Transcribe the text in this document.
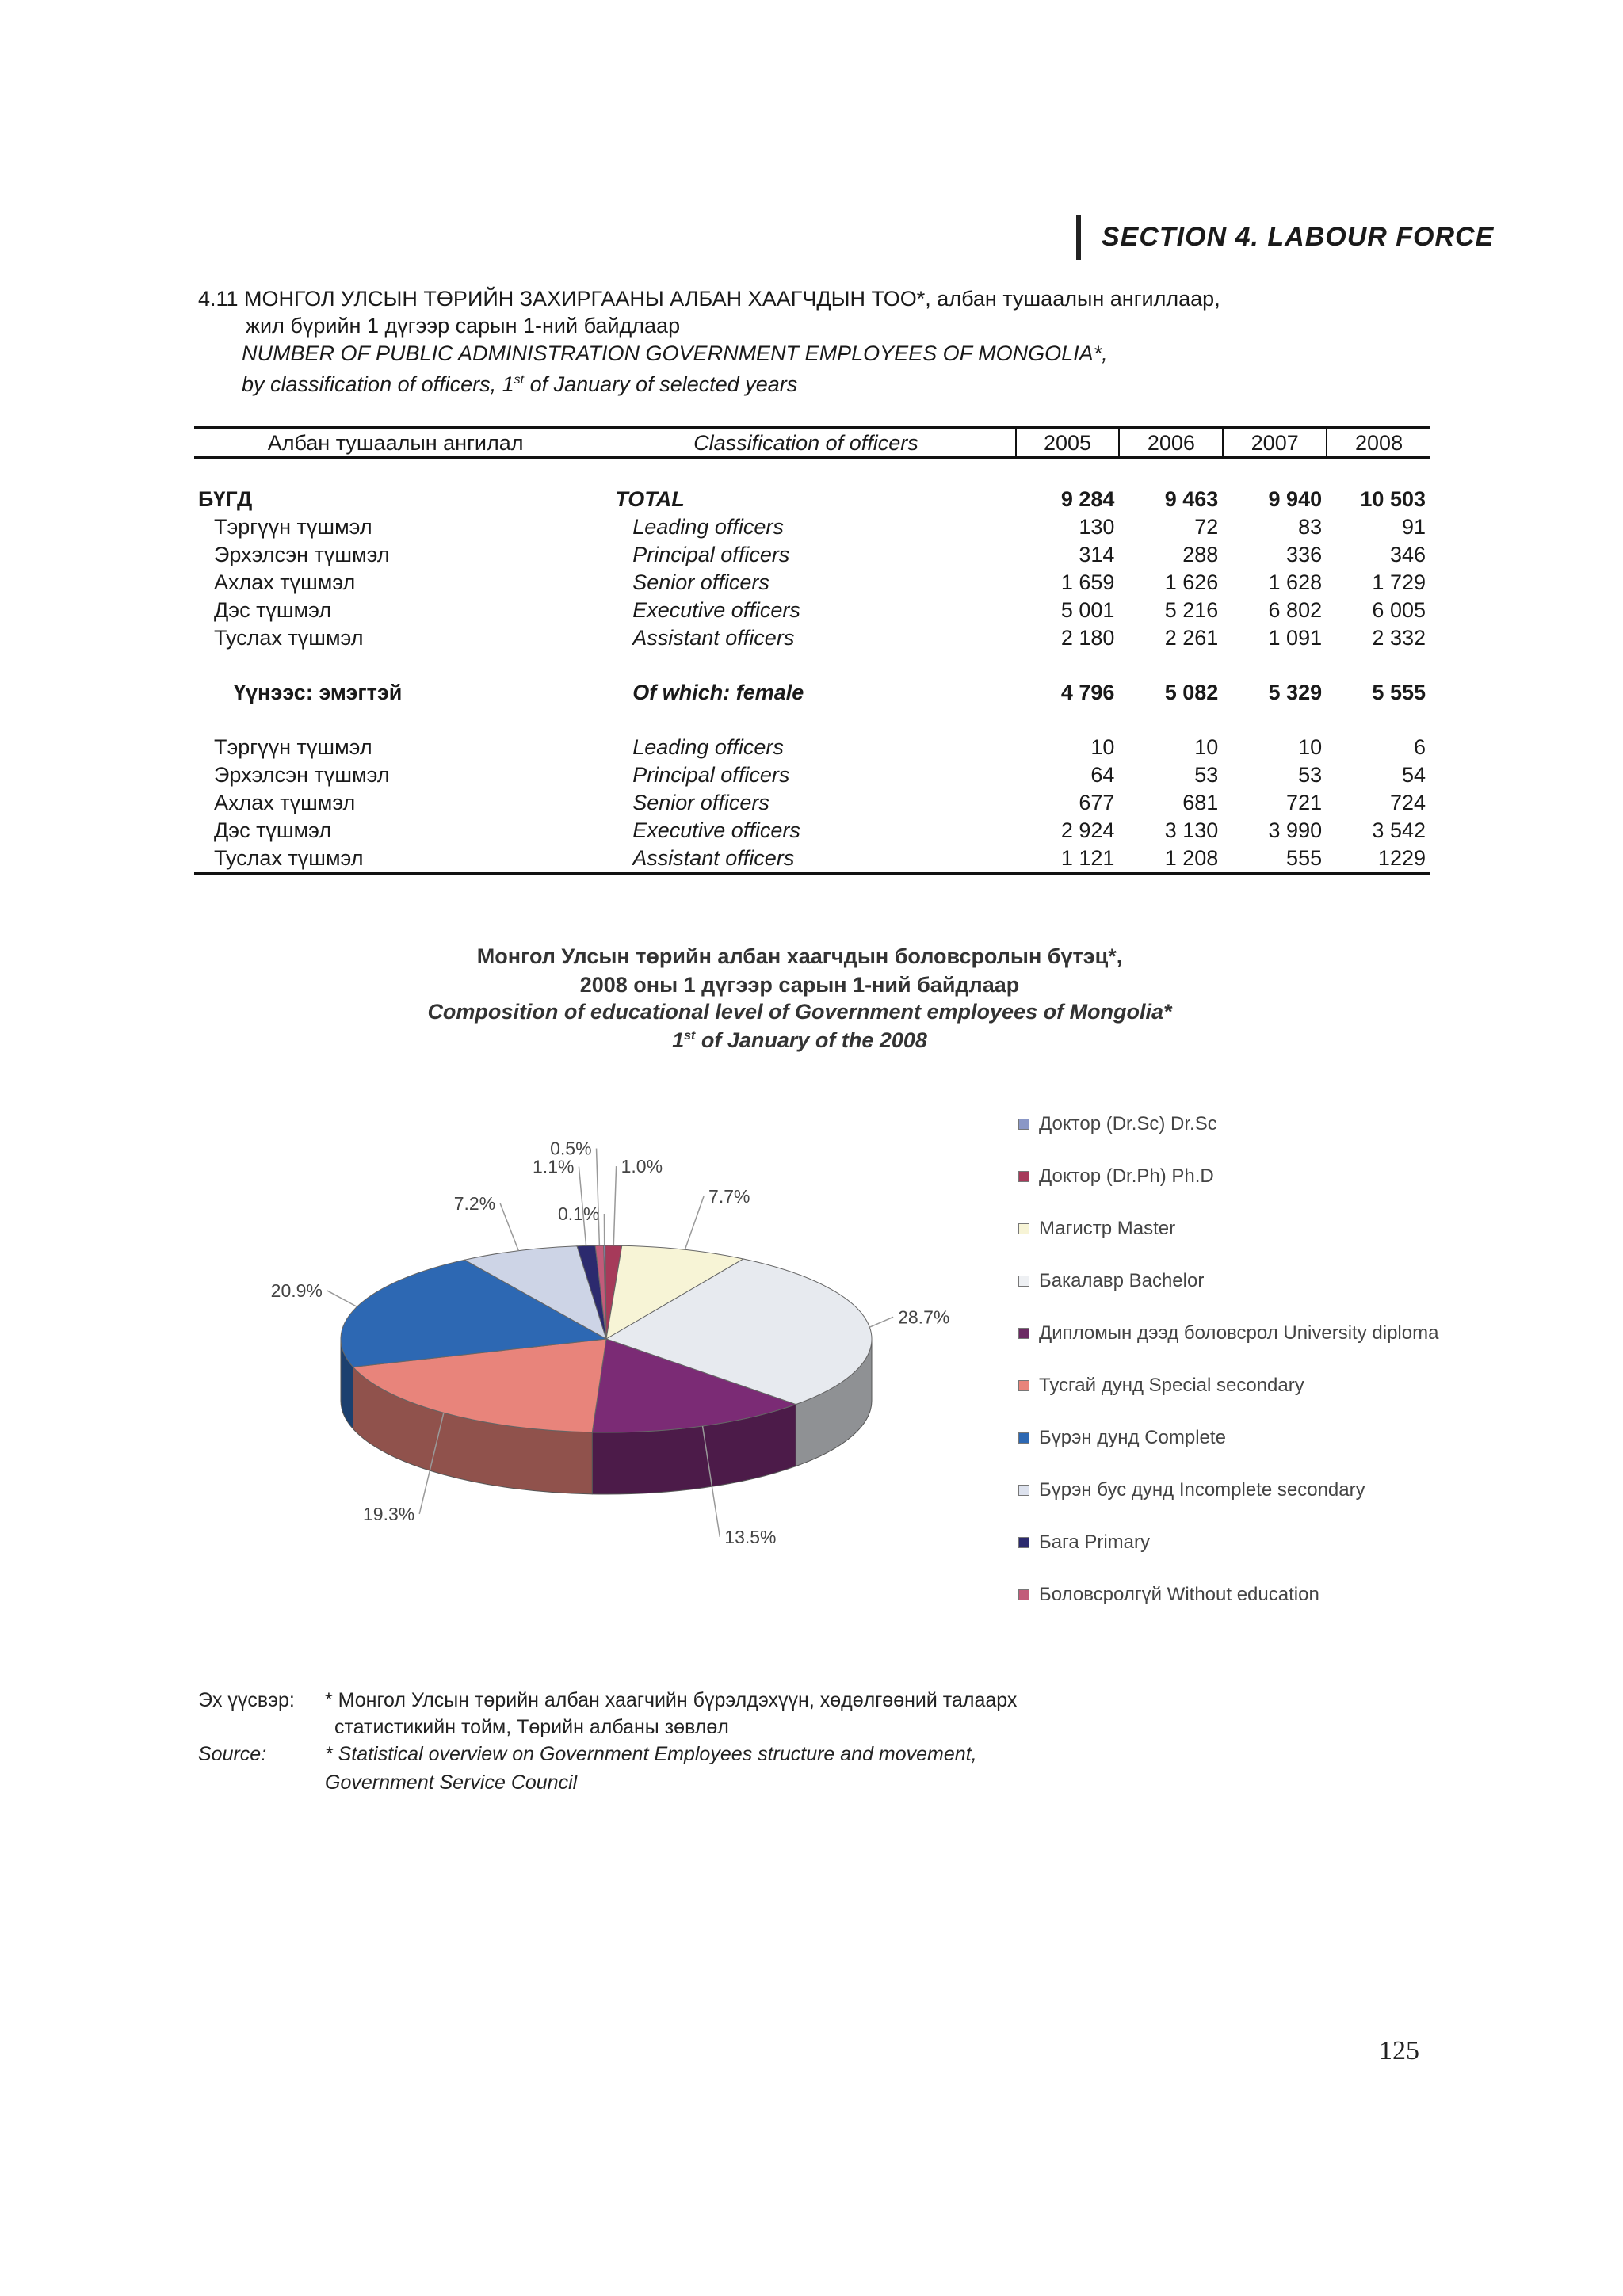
SECTION 4. LABOUR FORCE
4.11 МОНГОЛ УЛСЫН ТӨРИЙН ЗАХИРГААНЫ АЛБАН ХААГЧДЫН ТОО*, албан тушаалын ангиллаар,
жил бүрийн 1 дүгээр сарын 1-ний байдлаар
NUMBER OF PUBLIC ADMINISTRATION GOVERNMENT EMPLOYEES OF MONGOLIA*,
by classification of officers, 1st of January of selected years
Албан тушаалын ангилал	Classification of officers	2005	2006	2007	2008

БҮГД	TOTAL	9 284	9 463	9 940	10 503
Тэргүүн түшмэл	Leading officers	130	72	83	91
Эрхэлсэн түшмэл	Principal officers	314	288	336	346
Ахлах түшмэл	Senior officers	1 659	1 626	1 628	1 729
Дэс түшмэл	Executive officers	5 001	5 216	6 802	6 005
Туслах түшмэл	Assistant officers	2 180	2 261	1 091	2 332

Үүнээс: эмэгтэй	Of which: female	4 796	5 082	5 329	5 555

Тэргүүн түшмэл	Leading officers	10	10	10	6
Эрхэлсэн түшмэл	Principal officers	64	53	53	54
Ахлах түшмэл	Senior officers	677	681	721	724
Дэс түшмэл	Executive officers	2 924	3 130	3 990	3 542
Туслах түшмэл	Assistant officers	1 121	1 208	555	1229
Монгол Улсын төрийн албан хаагчдын боловсролын бүтэц*,
2008 оны 1 дүгээр сарын 1-ний байдлаар
Composition of educational level of Government employees of Mongolia*
1st of January of the 2008
0.1%
1.0%
7.7%
28.7%
13.5%
19.3%
20.9%
7.2%
1.1%
0.5%
Доктор (Dr.Sc) Dr.Sc
Доктор (Dr.Ph) Ph.D
Магистр Master
Бакалавр Bachelor
Дипломын дээд боловсрол University diploma
Тусгай дунд Special secondary
Бүрэн дунд Complete
Бүрэн бус дунд Incomplete secondary
Бага Primary
Боловсролгүй Without education
Эх үүсвэр: * Монгол Улсын төрийн албан хаагчийн бүрэлдэхүүн, хөдөлгөөний талаарх
статистикийн тойм, Төрийн албаны зөвлөл
Source:	* Statistical overview on Government Employees structure and movement,
Government Service Council
125
